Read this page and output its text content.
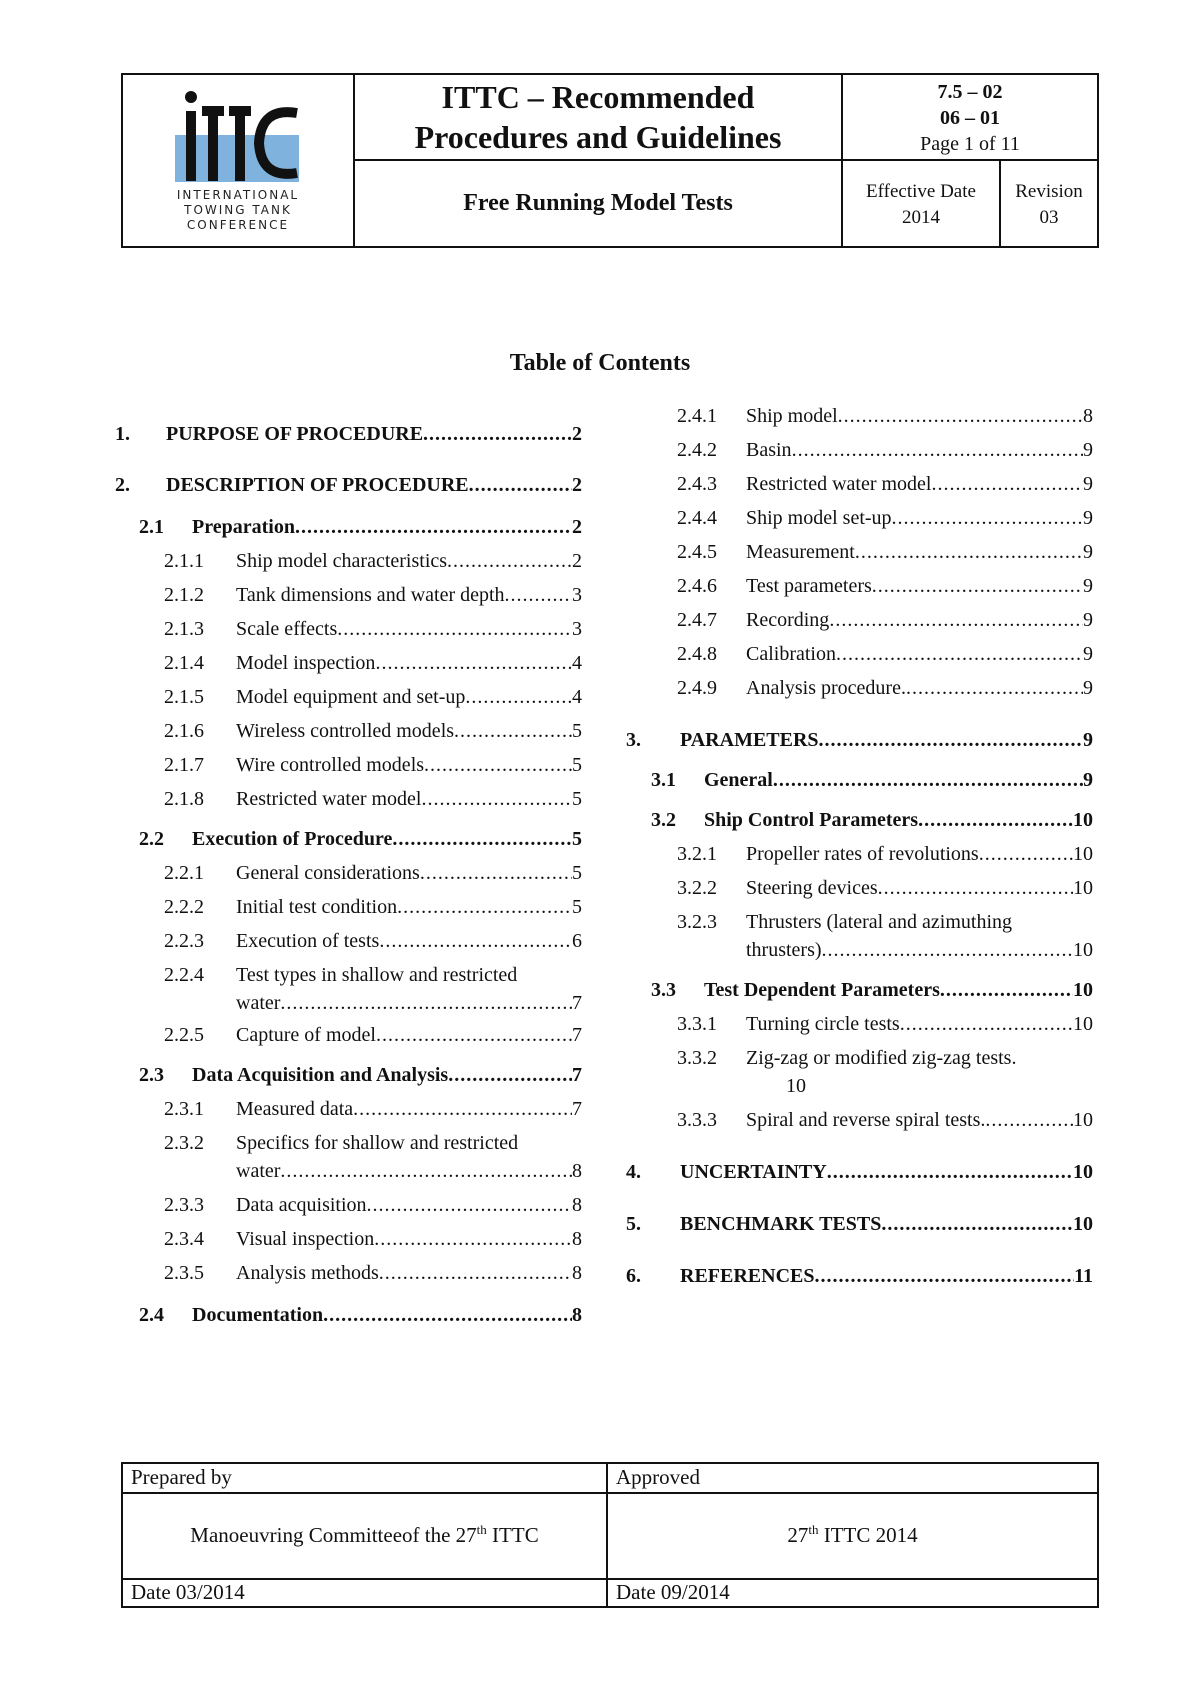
INTERNATIONAL
TOWING TANK
CONFERENCE
ITTC – Recommended
Procedures and Guidelines
7.5 – 02
06 – 01
Page 1 of 11
Free Running Model Tests	Effective Date
2014
Revision
03
Table of Contents
1. PURPOSE OF PROCEDURE .....	2
2. DESCRIPTION OF PROCEDURE .....	2
2.1 Preparation .....	2
2.1.1 Ship model characteristics .....	2
2.1.2 Tank dimensions and water depth .....	3
2.1.3 Scale effects .....	3
2.1.4 Model inspection .....	4
2.1.5 Model equipment and set-up .....	4
2.1.6 Wireless controlled models .....	5
2.1.7 Wire controlled models .....	5
2.1.8 Restricted water model .....	5
2.2 Execution of Procedure .....	5
2.2.1 General considerations .....	5
2.2.2 Initial test condition .....	5
2.2.3 Execution of tests .....	6
2.2.4 Test types in shallow and restricted
water .....	7
2.2.5 Capture of model .....	7
2.3 Data Acquisition and Analysis .....	7
2.3.1 Measured data .....	7
2.3.2 Specifics for shallow and restricted
water .....	8
2.3.3 Data acquisition .....	8
2.3.4 Visual inspection .....	8
2.3.5 Analysis methods .....	8
2.4 Documentation .....	8
2.4.1 Ship model .....	8
2.4.2 Basin .....	9
2.4.3 Restricted water model .....	9
2.4.4 Ship model set-up .....	9
2.4.5 Measurement .....	9
2.4.6 Test parameters .....	9
2.4.7 Recording .....	9
2.4.8 Calibration .....	9
2.4.9 Analysis procedure. .....	9
3. PARAMETERS .....	9
3.1 General .....	9
3.2 Ship Control Parameters .....	10
3.2.1 Propeller rates of revolutions .....	10
3.2.2 Steering devices .....	10
3.2.3 Thrusters (lateral and azimuthing
thrusters) .....	10
3.3 Test Dependent Parameters .....	10
3.3.1 Turning circle tests .....	10
3.3.2 Zig-zag or modified zig-zag tests.
10
3.3.3 Spiral and reverse spiral tests. .....	10
4. UNCERTAINTY .....	10
5. BENCHMARK TESTS .....	10
6. REFERENCES .....	11
Prepared by	Approved
Manoeuvring Committeeof the 27th ITTC	27th ITTC 2014
Date 03/2014	Date 09/2014
